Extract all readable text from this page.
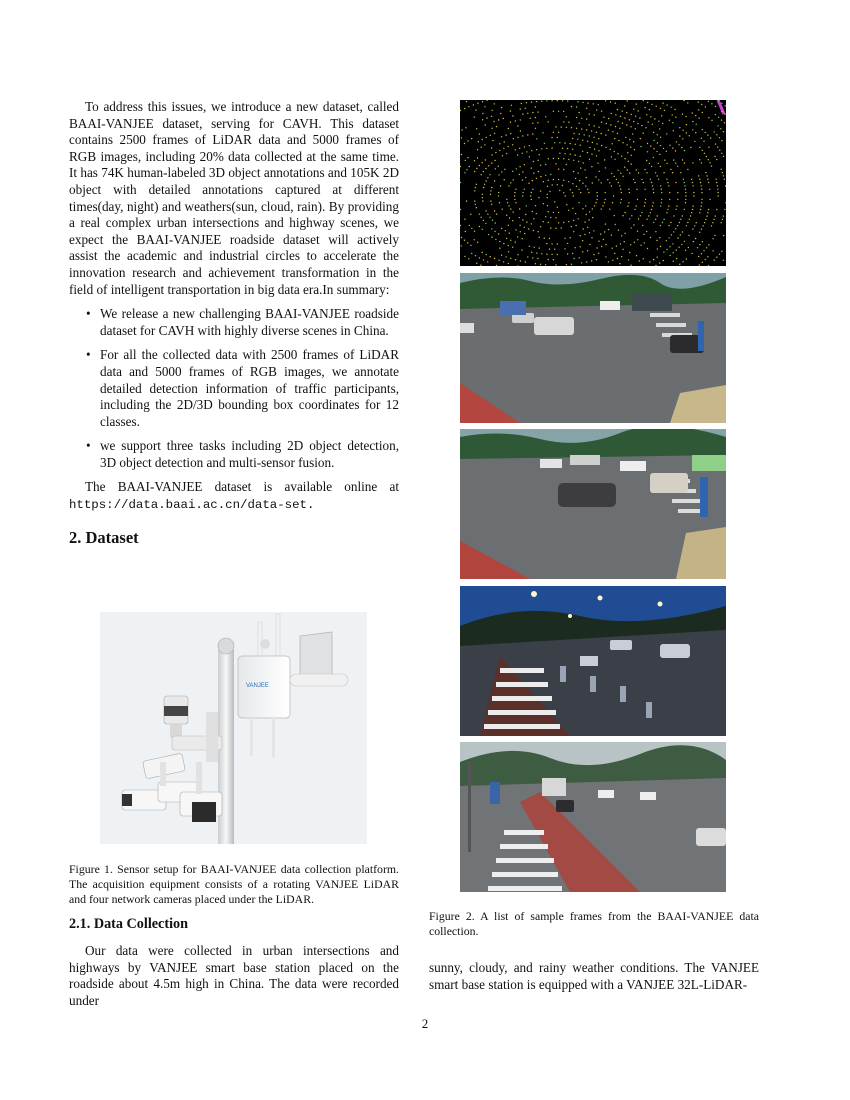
To address this issues, we introduce a new dataset, called BAAI-VANJEE dataset, serving for CAVH. This dataset contains 2500 frames of LiDAR data and 5000 frames of RGB images, including 20% data collected at the same time. It has 74K human-labeled 3D object annotations and 105K 2D object with detailed annotations captured at different times(day, night) and weathers(sun, cloud, rain). By providing a real complex urban intersections and highway scenes, we expect the BAAI-VANJEE roadside dataset will actively assist the academic and industrial circles to accelerate the innovation research and achievement transformation in the field of intelligent transportation in big data era.In summary:

• We release a new challenging BAAI-VANJEE roadside dataset for CAVH with highly diverse scenes in China.
• For all the collected data with 2500 frames of LiDAR data and 5000 frames of RGB images, we annotate detailed detection information of traffic participants, including the 2D/3D bounding box coordinates for 12 classes.
• we support three tasks including 2D object detection, 3D object detection and multi-sensor fusion.

The BAAI-VANJEE dataset is available online at https://data.baai.ac.cn/data-set.

2. Dataset
VANJEE

Figure 1. Sensor setup for BAAI-VANJEE data collection platform. The acquisition equipment consists of a rotating VANJEE LiDAR and four network cameras placed under the LiDAR.

2.1. Data Collection

Our data were collected in urban intersections and highways by VANJEE smart base station placed on the roadside about 4.5m high in China. The data were recorded under

Figure 2. A list of sample frames from the BAAI-VANJEE data collection.

sunny, cloudy, and rainy weather conditions. The VANJEE smart base station is equipped with a VANJEE 32L-LiDAR-

2
